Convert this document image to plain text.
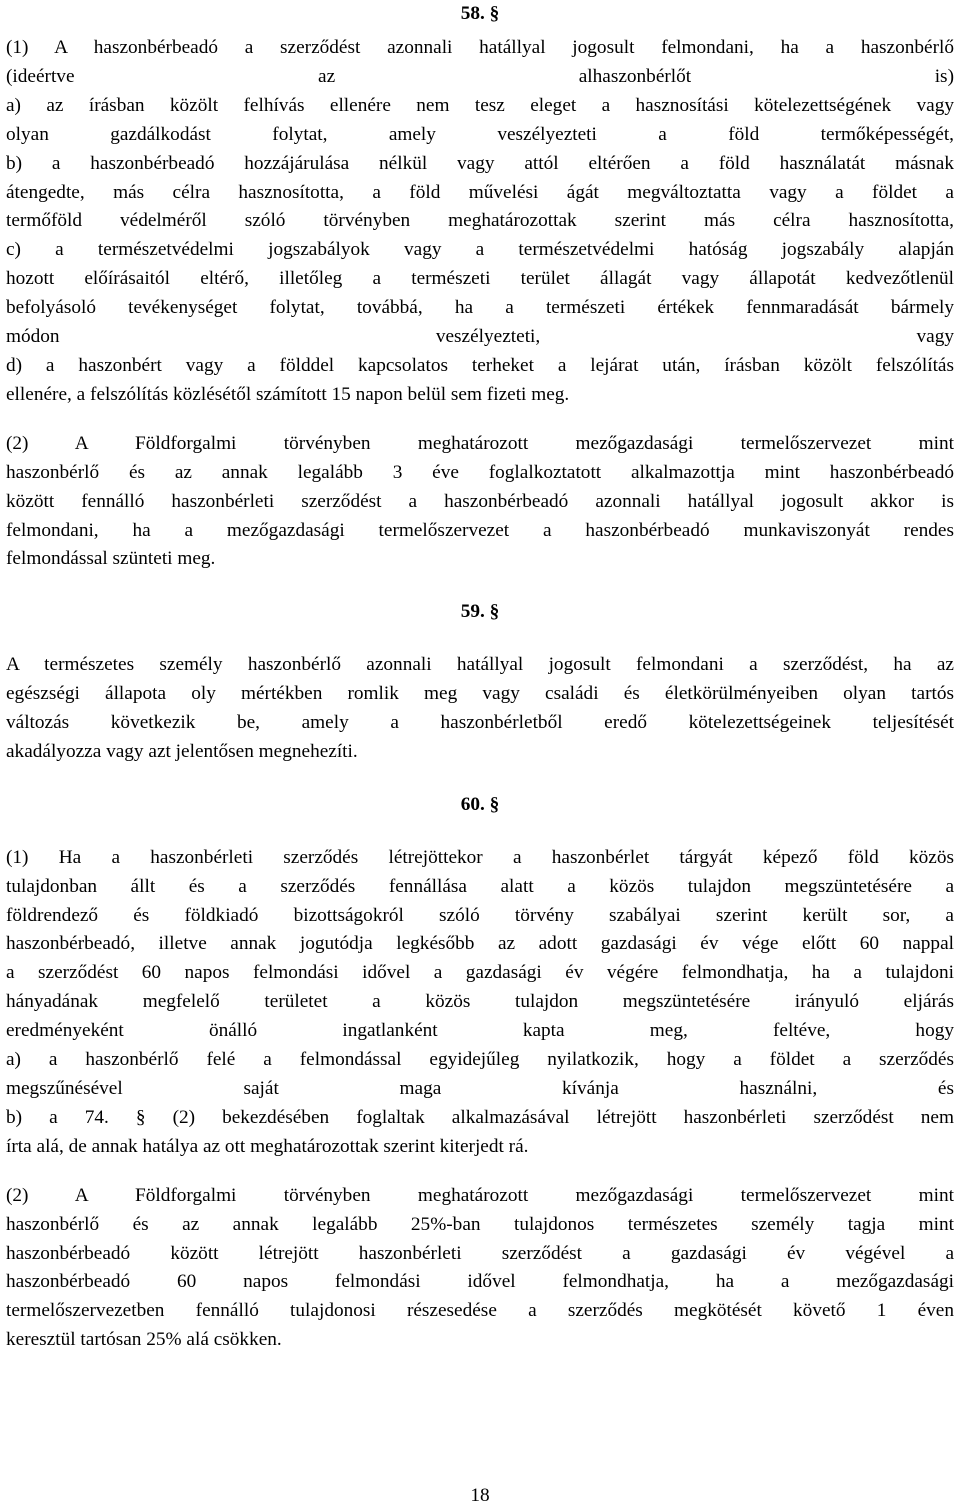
58. §
(1) A haszonbérbeadó a szerződést azonnali hatállyal jogosult felmondani, ha a haszonbérlő
(ideértve az alhaszonbérlőt is)
a) az írásban közölt felhívás ellenére nem tesz eleget a hasznosítási kötelezettségének vagy
olyan gazdálkodást folytat, amely veszélyezteti a föld termőképességét,
b) a haszonbérbeadó hozzájárulása nélkül vagy attól eltérően a föld használatát másnak
átengedte, más célra hasznosította, a föld művelési ágát megváltoztatta vagy a földet a
termőföld védelméről szóló törvényben meghatározottak szerint más célra hasznosította,
c) a természetvédelmi jogszabályok vagy a természetvédelmi hatóság jogszabály alapján
hozott előírásaitól eltérő, illetőleg a természeti terület állagát vagy állapotát kedvezőtlenül
befolyásoló tevékenységet folytat, továbbá, ha a természeti értékek fennmaradását bármely
módon veszélyezteti, vagy
d) a haszonbért vagy a földdel kapcsolatos terheket a lejárat után, írásban közölt felszólítás
ellenére, a felszólítás közlésétől számított 15 napon belül sem fizeti meg.
(2) A Földforgalmi törvényben meghatározott mezőgazdasági termelőszervezet mint
haszonbérlő és az annak legalább 3 éve foglalkoztatott alkalmazottja mint haszonbérbeadó
között fennálló haszonbérleti szerződést a haszonbérbeadó azonnali hatállyal jogosult akkor is
felmondani, ha a mezőgazdasági termelőszervezet a haszonbérbeadó munkaviszonyát rendes
felmondással szünteti meg.
59. §
A természetes személy haszonbérlő azonnali hatállyal jogosult felmondani a szerződést, ha az
egészségi állapota oly mértékben romlik meg vagy családi és életkörülményeiben olyan tartós
változás következik be, amely a haszonbérletből eredő kötelezettségeinek teljesítését
akadályozza vagy azt jelentősen megnehezíti.
60. §
(1) Ha a haszonbérleti szerződés létrejöttekor a haszonbérlet tárgyát képező föld közös
tulajdonban állt és a szerződés fennállása alatt a közös tulajdon megszüntetésére a
földrendező és földkiadó bizottságokról szóló törvény szabályai szerint került sor, a
haszonbérbeadó, illetve annak jogutódja legkésőbb az adott gazdasági év vége előtt 60 nappal
a szerződést 60 napos felmondási idővel a gazdasági év végére felmondhatja, ha a tulajdoni
hányadának megfelelő területet a közös tulajdon megszüntetésére irányuló eljárás
eredményeként önálló ingatlanként kapta meg, feltéve, hogy
a) a haszonbérlő felé a felmondással egyidejűleg nyilatkozik, hogy a földet a szerződés
megszűnésével saját maga kívánja használni, és
b) a 74. § (2) bekezdésében foglaltak alkalmazásával létrejött haszonbérleti szerződést nem
írta alá, de annak hatálya az ott meghatározottak szerint kiterjedt rá.
(2) A Földforgalmi törvényben meghatározott mezőgazdasági termelőszervezet mint
haszonbérlő és az annak legalább 25%-ban tulajdonos természetes személy tagja mint
haszonbérbeadó között létrejött haszonbérleti szerződést a gazdasági év végével a
haszonbérbeadó 60 napos felmondási idővel felmondhatja, ha a mezőgazdasági
termelőszervezetben fennálló tulajdonosi részesedése a szerződés megkötését követő 1 éven
keresztül tartósan 25% alá csökken.
18
